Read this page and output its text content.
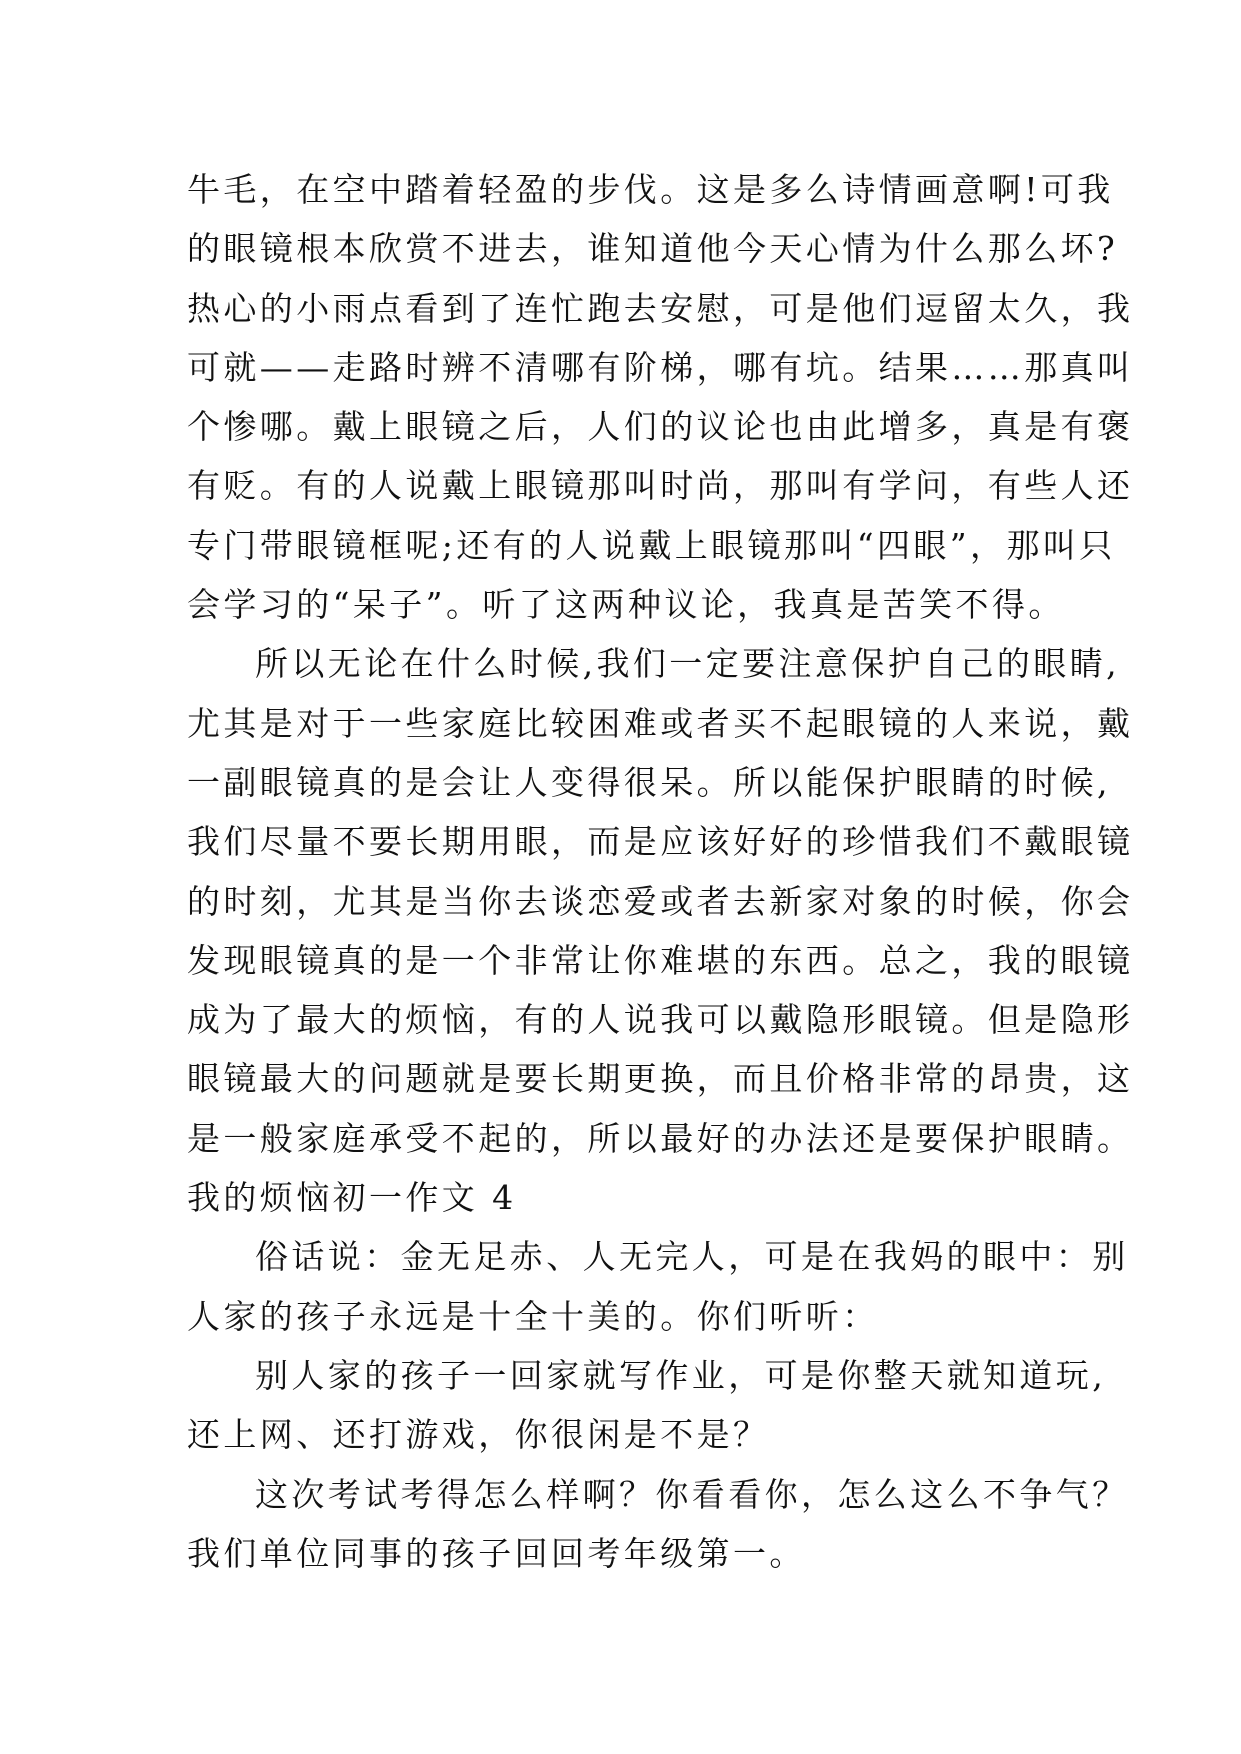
牛毛，在空中踏着轻盈的步伐。这是多么诗情画意啊!可我
的眼镜根本欣赏不进去，谁知道他今天心情为什么那么坏?
热心的小雨点看到了连忙跑去安慰，可是他们逗留太久，我
可就——走路时辨不清哪有阶梯，哪有坑。结果……那真叫
个惨哪。戴上眼镜之后，人们的议论也由此增多，真是有褒
有贬。有的人说戴上眼镜那叫时尚，那叫有学问，有些人还
专门带眼镜框呢;还有的人说戴上眼镜那叫“四眼”，那叫只
会学习的“呆子”。听了这两种议论，我真是苦笑不得。
所以无论在什么时候,我们一定要注意保护自己的眼睛,
尤其是对于一些家庭比较困难或者买不起眼镜的人来说，戴
一副眼镜真的是会让人变得很呆。所以能保护眼睛的时候,
我们尽量不要长期用眼，而是应该好好的珍惜我们不戴眼镜
的时刻，尤其是当你去谈恋爱或者去新家对象的时候，你会
发现眼镜真的是一个非常让你难堪的东西。总之，我的眼镜
成为了最大的烦恼，有的人说我可以戴隐形眼镜。但是隐形
眼镜最大的问题就是要长期更换，而且价格非常的昂贵，这
是一般家庭承受不起的，所以最好的办法还是要保护眼睛。
我的烦恼初一作文 4
俗话说：金无足赤、人无完人，可是在我妈的眼中：别
人家的孩子永远是十全十美的。你们听听：
别人家的孩子一回家就写作业，可是你整天就知道玩,
还上网、还打游戏，你很闲是不是？
这次考试考得怎么样啊？你看看你，怎么这么不争气？
我们单位同事的孩子回回考年级第一。
